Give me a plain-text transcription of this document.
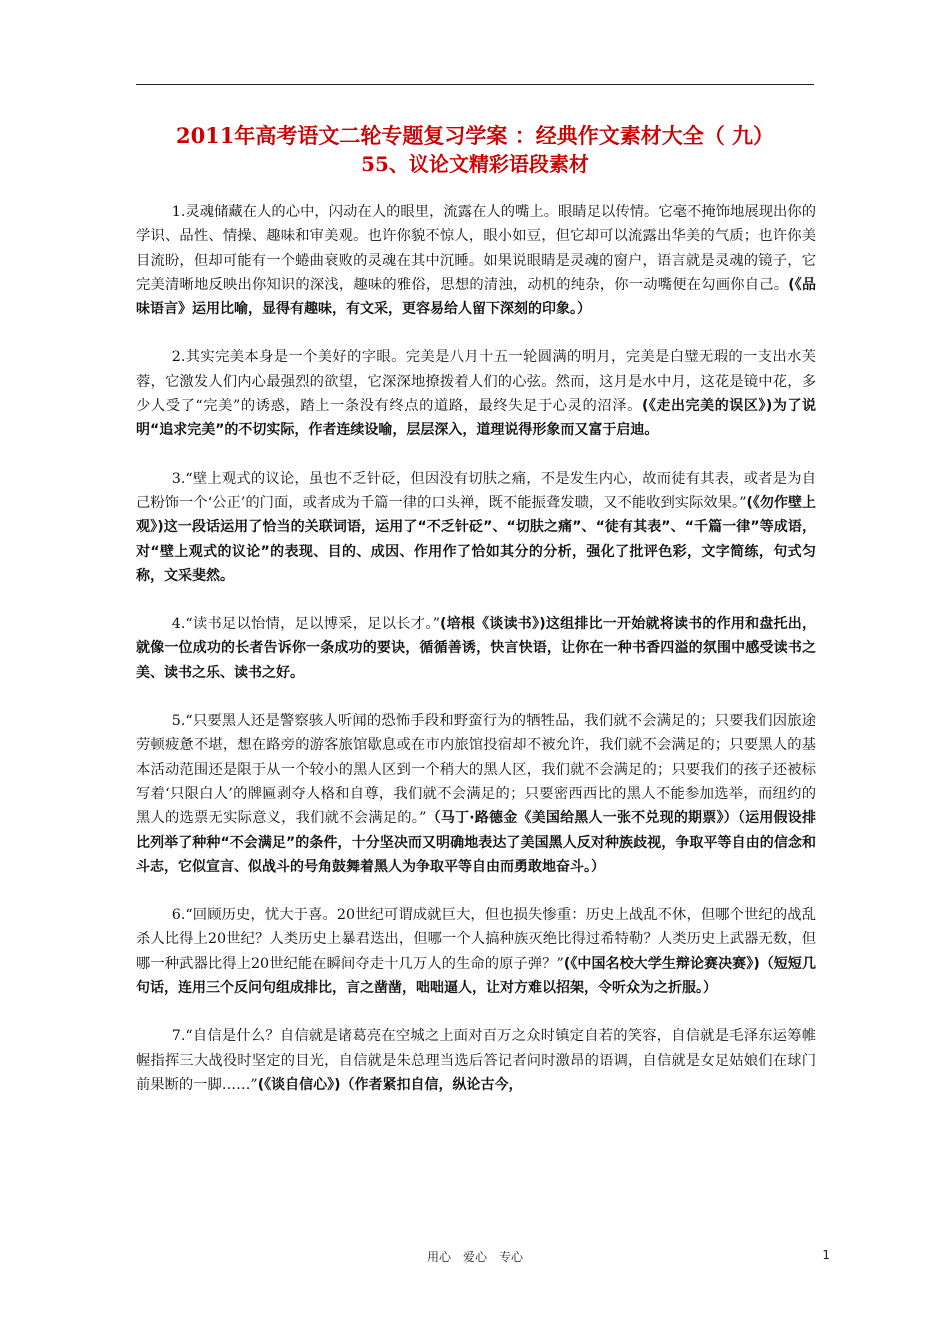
2011年高考语文二轮专题复习学案 ：经典作文素材大全（ 九）
55、议论文精彩语段素材

1.灵魂储藏在人的心中，闪动在人的眼里，流露在人的嘴上。眼睛足以传情。它毫不掩饰地展现出你的学识、品性、情操、趣味和审美观。也许你貌不惊人，眼小如豆，但它却可以流露出华美的气质；也许你美目流盼，但却可能有一个蜷曲衰败的灵魂在其中沉睡。如果说眼睛是灵魂的窗户，语言就是灵魂的镜子，它完美清晰地反映出你知识的深浅，趣味的雅俗，思想的清浊，动机的纯杂，你一动嘴便在勾画你自己。(《品味语言》运用比喻，显得有趣味，有文采，更容易给人留下深刻的印象。）

2.其实完美本身是一个美好的字眼。完美是八月十五一轮圆满的明月，完美是白璧无瑕的一支出水芙蓉，它激发人们内心最强烈的欲望，它深深地撩拨着人们的心弦。然而，这月是水中月，这花是镜中花，多少人受了“完美”的诱惑，踏上一条没有终点的道路，最终失足于心灵的沼泽。(《走出完美的误区》)为了说明“追求完美”的不切实际，作者连续设喻，层层深入，道理说得形象而又富于启迪。

3.“壁上观式的议论，虽也不乏针砭，但因没有切肤之痛，不是发生内心，故而徒有其表，或者是为自己粉饰一个‘公正’的门面，或者成为千篇一律的口头禅，既不能振聋发聩，又不能收到实际效果。”(《勿作壁上观》)这一段话运用了恰当的关联词语，运用了“不乏针砭”、“切肤之痛”、“徒有其表”、“千篇一律”等成语，对“壁上观式的议论”的表现、目的、成因、作用作了恰如其分的分析，强化了批评色彩，文字简练，句式匀称，文采斐然。

4.“读书足以怡情，足以博采，足以长才。”(培根《谈读书》)这组排比一开始就将读书的作用和盘托出，就像一位成功的长者告诉你一条成功的要诀，循循善诱，快言快语，让你在一种书香四溢的氛围中感受读书之美、读书之乐、读书之好。

5.“只要黑人还是警察骇人听闻的恐怖手段和野蛮行为的牺牲品，我们就不会满足的；只要我们因旅途劳顿疲惫不堪，想在路旁的游客旅馆歇息或在市内旅馆投宿却不被允许，我们就不会满足的；只要黑人的基本活动范围还是限于从一个较小的黑人区到一个稍大的黑人区，我们就不会满足的；只要我们的孩子还被标写着‘只限白人’的牌匾剥夺人格和自尊，我们就不会满足的；只要密西西比的黑人不能参加选举，而纽约的黑人的选票无实际意义，我们就不会满足的。”（马丁·路德金《美国给黑人一张不兑现的期票》）（运用假设排比列举了种种“不会满足”的条件，十分坚决而又明确地表达了美国黑人反对种族歧视，争取平等自由的信念和斗志，它似宣言、似战斗的号角鼓舞着黑人为争取平等自由而勇敢地奋斗。）

6.“回顾历史，忧大于喜。20世纪可谓成就巨大，但也损失惨重：历史上战乱不休，但哪个世纪的战乱杀人比得上20世纪？人类历史上暴君迭出，但哪一个人搞种族灭绝比得过希特勒？人类历史上武器无数，但哪一种武器比得上20世纪能在瞬间夺走十几万人的生命的原子弹？”(《中国名校大学生辩论赛决赛》)（短短几句话，连用三个反问句组成排比，言之凿凿，咄咄逼人，让对方难以招架，令听众为之折服。）

7.“自信是什么？自信就是诸葛亮在空城之上面对百万之众时镇定自若的笑容，自信就是毛泽东运筹帷幄指挥三大战役时坚定的目光，自信就是朱总理当选后答记者问时激昂的语调，自信就是女足姑娘们在球门前果断的一脚……”(《谈自信心》)（作者紧扣自信，纵论古今，

用心　爱心　专心	1
